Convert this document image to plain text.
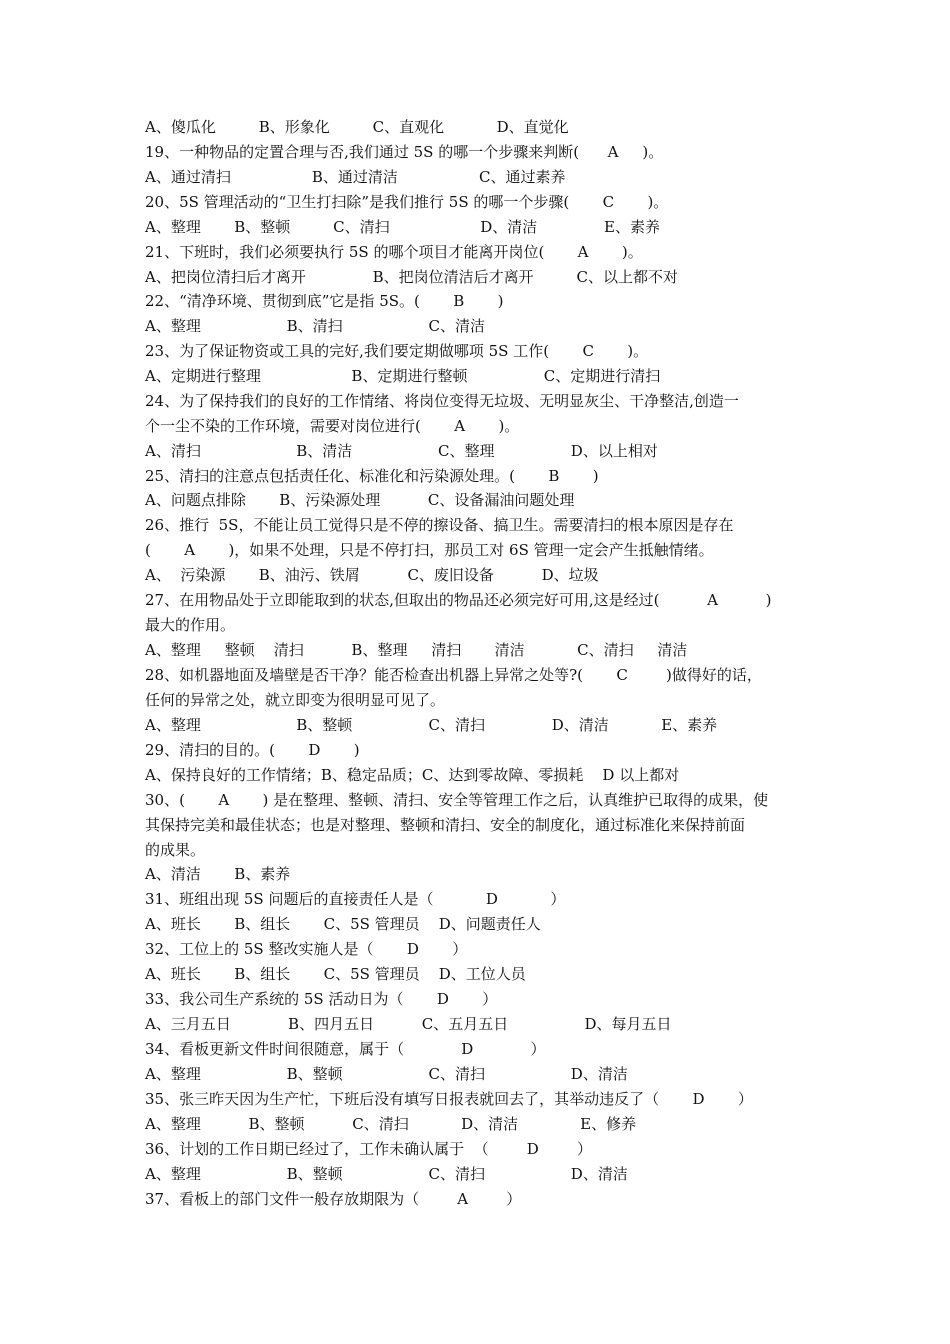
A、傻瓜化         B、形象化         C、直观化           D、直觉化
19、一种物品的定置合理与否,我们通过 5S 的哪一个步骤来判断(      A     )。
A、通过清扫                 B、通过清洁                 C、通过素养
20、5S 管理活动的“卫生打扫除”是我们推行 5S 的哪一个步骤(       C       )。
A、整理       B、整顿         C、清扫                   D、清洁              E、素养
21、下班时，我们必须要执行 5S 的哪个项目才能离开岗位(       A       )。
A、把岗位清扫后才离开              B、把岗位清洁后才离开         C、以上都不对
22、“清净环境、贯彻到底”它是指 5S。(       B       )
A、整理                  B、清扫                  C、清洁
23、为了保证物资或工具的完好,我们要定期做哪项 5S 工作(       C       )。
A、定期进行整理                   B、定期进行整顿                C、定期进行清扫
24、为了保持我们的良好的工作情绪、将岗位变得无垃圾、无明显灰尘、干净整洁,创造一
个一尘不染的工作环境，需要对岗位进行(       A       )。
A、清扫                    B、清洁                  C、整理                D、以上相对
25、清扫的注意点包括责任化、标准化和污染源处理。(       B       )
A、问题点排除       B、污染源处理          C、设备漏油问题处理
26、推行  5S，不能让员工觉得只是不停的擦设备、搞卫生。需要清扫的根本原因是存在
(       A       )，如果不处理，只是不停打扫，那员工对 6S 管理一定会产生抵触情绪。
A、  污染源       B、油污、铁屑          C、废旧设备          D、垃圾
27、在用物品处于立即能取到的状态,但取出的物品还必须完好可用,这是经过(          A          )
最大的作用。
A、整理     整顿    清扫          B、整理     清扫       清洁           C、清扫     清洁
28、如机器地面及墙壁是否干净？能否检查出机器上异常之处等?(       C        )做得好的话，
任何的异常之处，就立即变为很明显可见了。
A、整理                    B、整顿                C、清扫              D、清洁           E、素养
29、清扫的目的。(       D       )
A、保持良好的工作情绪；B、稳定品质；C、达到零故障、零损耗    D 以上都对
30、(       A       ) 是在整理、整顿、清扫、安全等管理工作之后，认真维护已取得的成果，使
其保持完美和最佳状态；也是对整理、整顿和清扫、安全的制度化，通过标准化来保持前面
的成果。
A、清洁       B、素养
31、班组出现 5S 问题后的直接责任人是（           D           ）
A、班长       B、组长       C、5S 管理员    D、问题责任人
32、工位上的 5S 整改实施人是（       D       ）
A、班长       B、组长       C、5S 管理员    D、工位人员
33、我公司生产系统的 5S 活动日为（       D       ）
A、三月五日            B、四月五日          C、五月五日                D、每月五日
34、看板更新文件时间很随意，属于（            D            ）
A、整理                  B、整顿                  C、清扫                  D、清洁
35、张三昨天因为生产忙，下班后没有填写日报表就回去了，其举动违反了（       D       ）
A、整理          B、整顿          C、清扫           D、清洁             E、修养
36、计划的工作日期已经过了，工作未确认属于  （        D        ）
A、整理                  B、整顿                  C、清扫                  D、清洁
37、看板上的部门文件一般存放期限为（        A        ）
